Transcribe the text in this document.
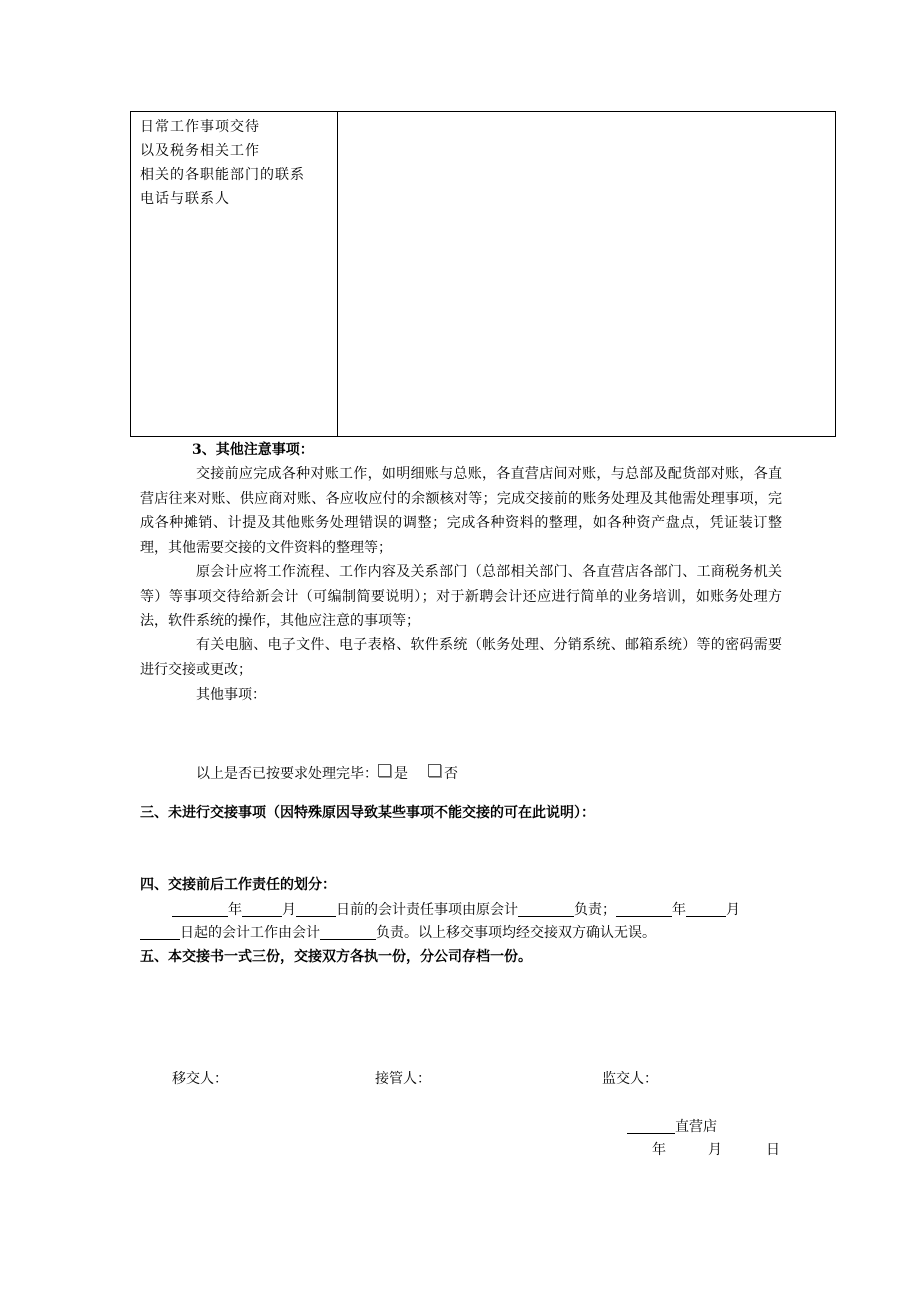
日常工作事项交待
以及税务相关工作
相关的各职能部门的联系
电话与联系人

3、其他注意事项：
交接前应完成各种对账工作，如明细账与总账，各直营店间对账，与总部及配货部对账，各直营店往来对账、供应商对账、各应收应付的余额核对等；完成交接前的账务处理及其他需处理事项，完成各种摊销、计提及其他账务处理错误的调整；完成各种资料的整理，如各种资产盘点，凭证装订整理，其他需要交接的文件资料的整理等；
原会计应将工作流程、工作内容及关系部门（总部相关部门、各直营店各部门、工商税务机关等）等事项交待给新会计（可编制简要说明）；对于新聘会计还应进行简单的业务培训，如账务处理方法，软件系统的操作，其他应注意的事项等；
有关电脑、电子文件、电子表格、软件系统（帐务处理、分销系统、邮箱系统）等的密码需要进行交接或更改；
其他事项：
以上是否已按要求处理完毕： 是	否
三、未进行交接事项（因特殊原因导致某些事项不能交接的可在此说明）：
四、交接前后工作责任的划分：
年	月	日前的会计责任事项由原会计	负责；	年	月
日起的会计工作由会计	负责。以上移交事项均经交接双方确认无误。
五、本交接书一式三份，交接双方各执一份，分公司存档一份。
移交人：	接管人：	监交人：
直营店
年	月	日
